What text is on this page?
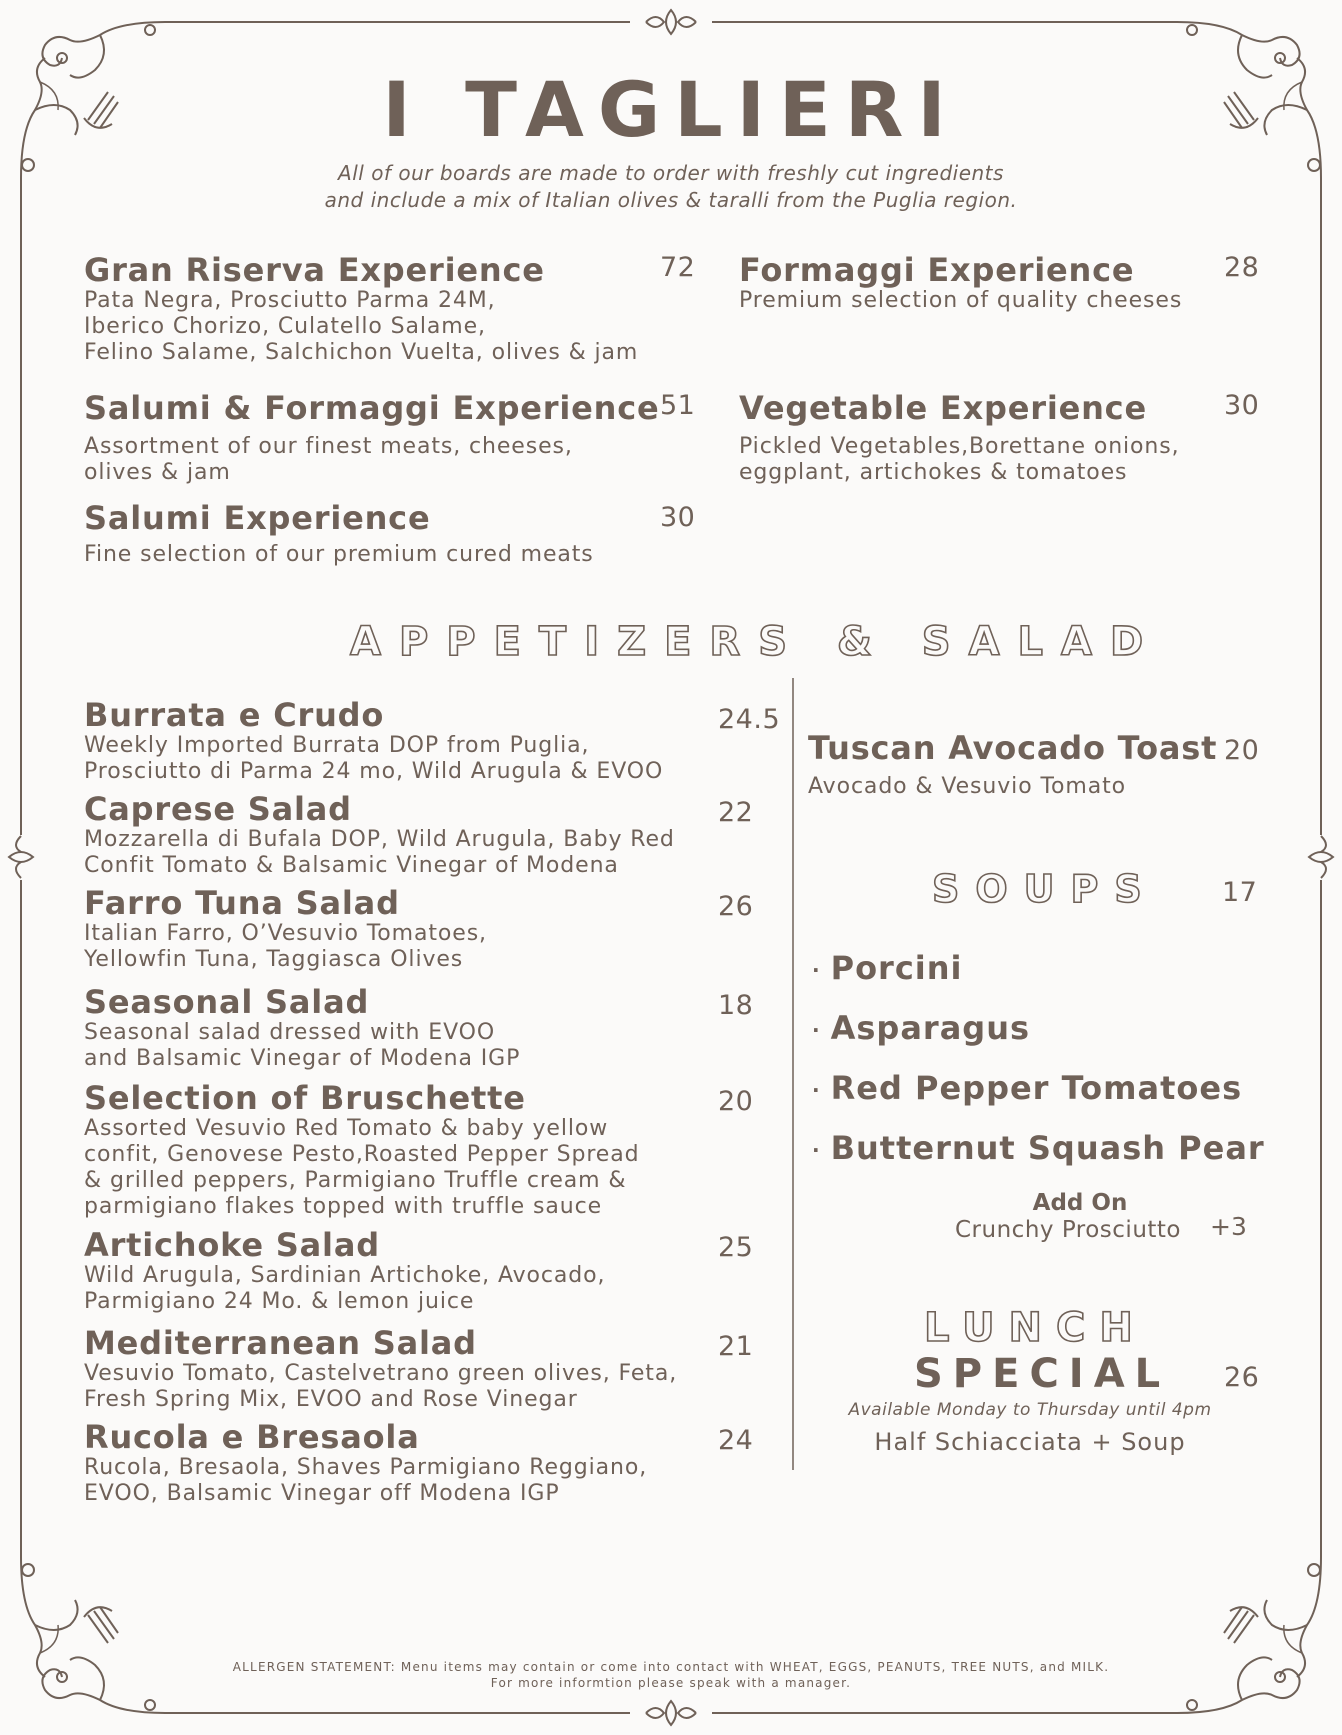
I TAGLIERI
All of our boards are made to order with freshly cut ingredients
and include a mix of Italian olives & taralli from the Puglia region.
Gran Riserva Experience
Pata Negra, Prosciutto Parma 24M,
Iberico Chorizo, Culatello Salame,
Felino Salame, Salchichon Vuelta, olives & jam
72 Formaggi Experience
Premium selection of quality cheeses
28
Salumi & Formaggi Experience
Assortment of our finest meats, cheeses,
olives & jam
51 Vegetable Experience
Pickled Vegetables,Borettane onions,
eggplant, artichokes & tomatoes
30
Salumi Experience
Fine selection of our premium cured meats
30
APPETIZERS & SALAD
Burrata e Crudo
Weekly Imported Burrata DOP from Puglia,
Prosciutto di Parma 24 mo, Wild Arugula & EVOO
24.5
Caprese Salad
Mozzarella di Bufala DOP, Wild Arugula, Baby Red
Confit Tomato & Balsamic Vinegar of Modena
22
Farro Tuna Salad
Italian Farro, O’Vesuvio Tomatoes,
Yellowfin Tuna, Taggiasca Olives
26
Seasonal Salad
Seasonal salad dressed with EVOO
and Balsamic Vinegar of Modena IGP
18
Selection of Bruschette
Assorted Vesuvio Red Tomato & baby yellow
confit, Genovese Pesto,Roasted Pepper Spread
& grilled peppers, Parmigiano Truffle cream &
parmigiano flakes topped with truffle sauce
20
Artichoke Salad
Wild Arugula, Sardinian Artichoke, Avocado,
Parmigiano 24 Mo. & lemon juice
25
Mediterranean Salad
Vesuvio Tomato, Castelvetrano green olives, Feta,
Fresh Spring Mix, EVOO and Rose Vinegar
21
Rucola e Bresaola
Rucola, Bresaola, Shaves Parmigiano Reggiano,
EVOO, Balsamic Vinegar off Modena IGP
24
Tuscan Avocado Toast
Avocado & Vesuvio Tomato
20
SOUPS 17
· Porcini
· Asparagus
· Red Pepper Tomatoes
· Butternut Squash Pear
Add On
Crunchy Prosciutto +3
LUNCH
SPECIAL 26
Available Monday to Thursday until 4pm
Half Schiacciata + Soup
ALLERGEN STATEMENT: Menu items may contain or come into contact with WHEAT, EGGS, PEANUTS, TREE NUTS, and MILK.
For more informtion please speak with a manager.
